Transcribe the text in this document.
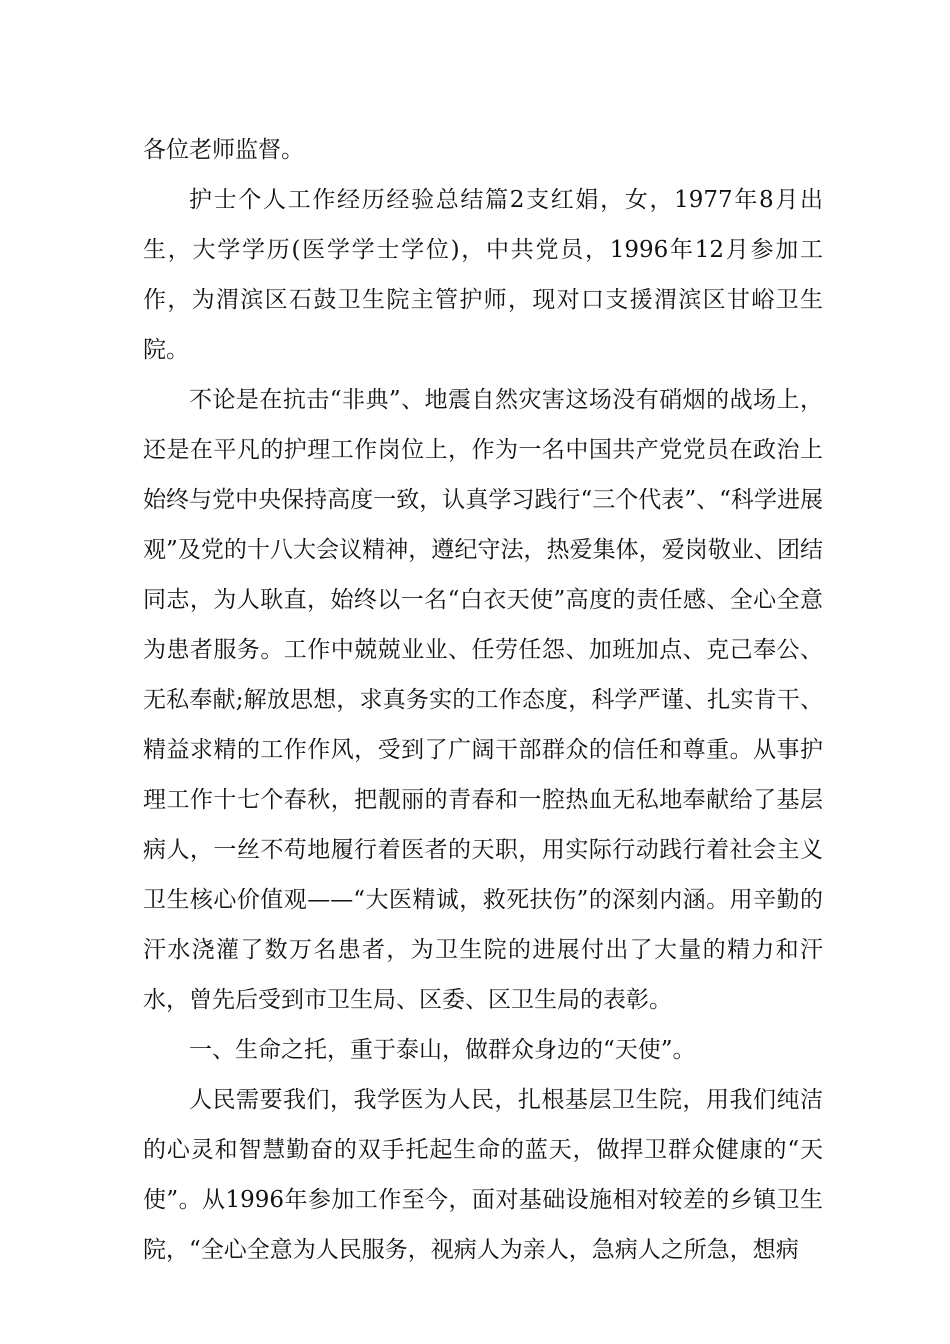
各位老师监督。

护士个人工作经历经验总结篇2支红娟，女，1977年8月出生，大学学历(医学学士学位)，中共党员，1996年12月参加工作，为渭滨区石鼓卫生院主管护师，现对口支援渭滨区甘峪卫生院。

不论是在抗击“非典”、地震自然灾害这场没有硝烟的战场上，还是在平凡的护理工作岗位上，作为一名中国共产党党员在政治上始终与党中央保持高度一致，认真学习践行“三个代表”、“科学进展观”及党的十八大会议精神，遵纪守法，热爱集体，爱岗敬业、团结同志，为人耿直，始终以一名“白衣天使”高度的责任感、全心全意为患者服务。工作中兢兢业业、任劳任怨、加班加点、克己奉公、无私奉献;解放思想，求真务实的工作态度，科学严谨、扎实肯干、精益求精的工作作风，受到了广阔干部群众的信任和尊重。从事护理工作十七个春秋，把靓丽的青春和一腔热血无私地奉献给了基层病人，一丝不苟地履行着医者的天职，用实际行动践行着社会主义卫生核心价值观——“大医精诚，救死扶伤”的深刻内涵。用辛勤的汗水浇灌了数万名患者，为卫生院的进展付出了大量的精力和汗水，曾先后受到市卫生局、区委、区卫生局的表彰。

一、生命之托，重于泰山，做群众身边的“天使”。

人民需要我们，我学医为人民，扎根基层卫生院，用我们纯洁的心灵和智慧勤奋的双手托起生命的蓝天，做捍卫群众健康的“天使”。从1996年参加工作至今，面对基础设施相对较差的乡镇卫生院，“全心全意为人民服务，视病人为亲人，急病人之所急，想病
